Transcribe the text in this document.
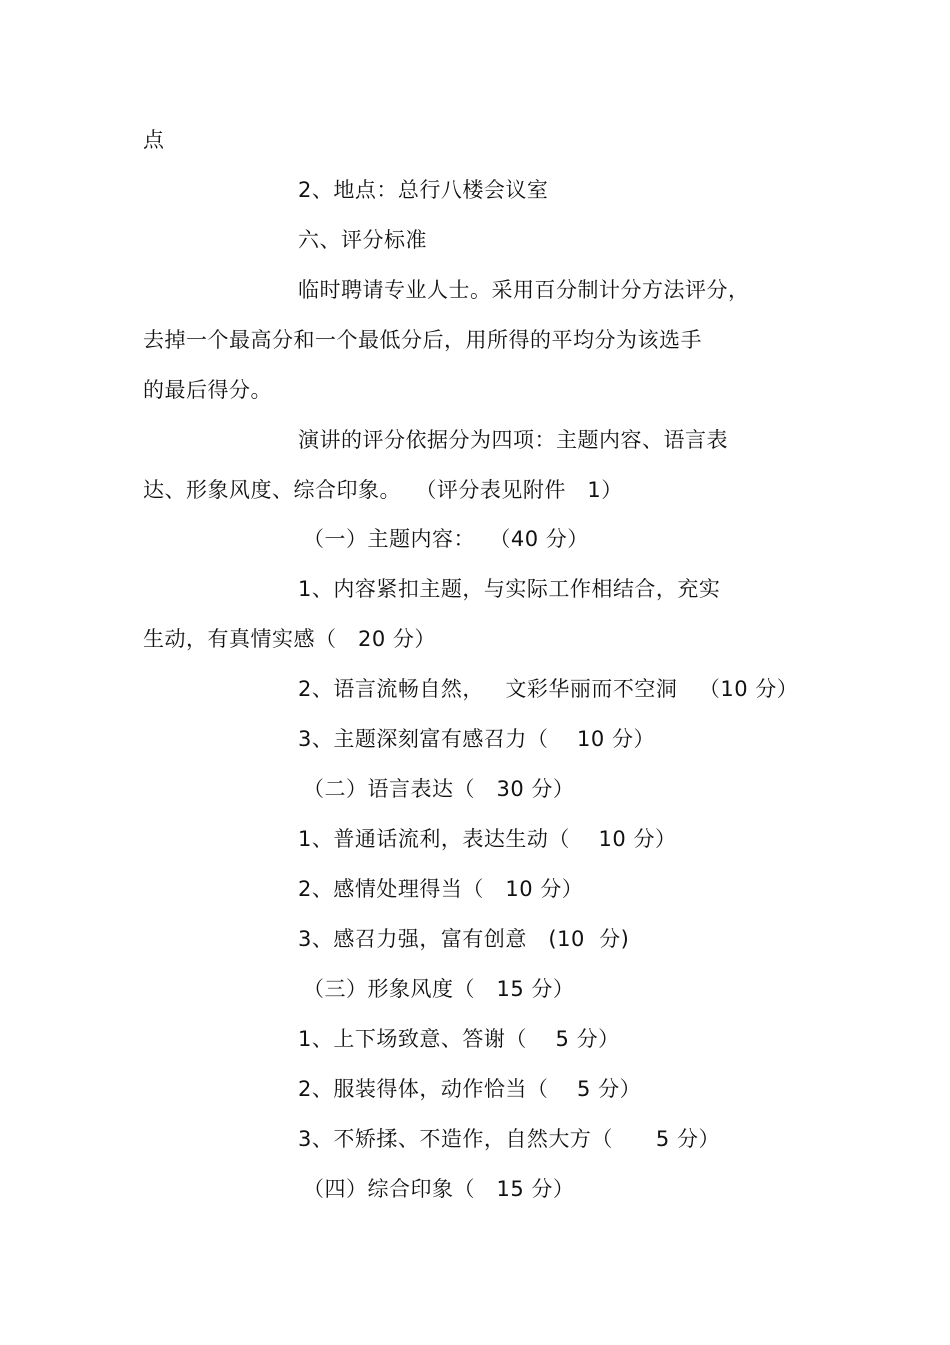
点
2、地点：总行八楼会议室
六、评分标准
临时聘请专业人士。采用百分制计分方法评分，
去掉一个最高分和一个最低分后，用所得的平均分为该选手
的最后得分。
演讲的评分依据分为四项：主题内容、语言表
达、形象风度、综合印象。  （评分表见附件   1）
（一）主题内容：  （40 分）
1、内容紧扣主题，与实际工作相结合，充实
生动，有真情实感（   20 分）
2、语言流畅自然，   文彩华丽而不空洞   （10 分）
3、主题深刻富有感召力（    10 分）
（二）语言表达（   30 分）
1、普通话流利，表达生动（    10 分）
2、感情处理得当（   10 分）
3、感召力强，富有创意   (10  分)
（三）形象风度（   15 分）
1、上下场致意、答谢（    5 分）
2、服装得体，动作恰当（    5 分）
3、不矫揉、不造作，自然大方（      5 分）
（四）综合印象（   15 分）
